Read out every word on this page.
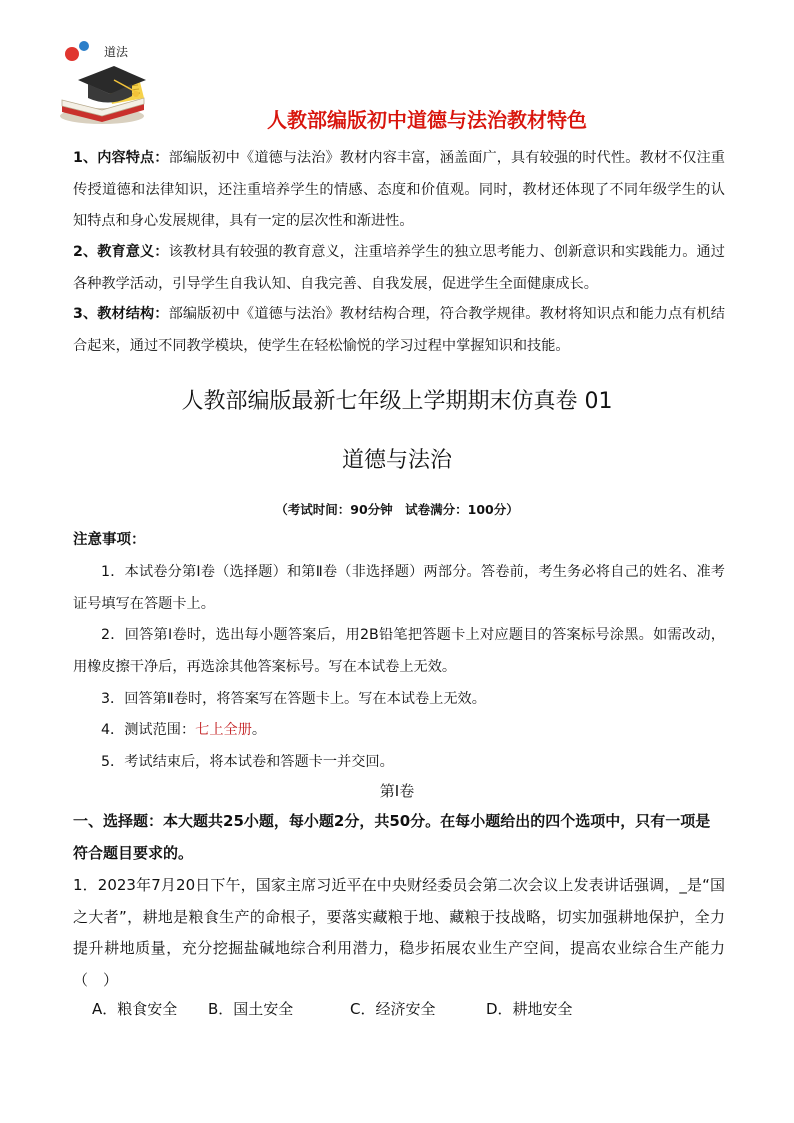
道法
人教部编版初中道德与法治教材特色
1、内容特点：部编版初中《道德与法治》教材内容丰富，涵盖面广，具有较强的时代性。教材不仅注重传授道德和法律知识，还注重培养学生的情感、态度和价值观。同时，教材还体现了不同年级学生的认知特点和身心发展规律，具有一定的层次性和渐进性。
2、教育意义：该教材具有较强的教育意义，注重培养学生的独立思考能力、创新意识和实践能力。通过各种教学活动，引导学生自我认知、自我完善、自我发展，促进学生全面健康成长。
3、教材结构：部编版初中《道德与法治》教材结构合理，符合教学规律。教材将知识点和能力点有机结合起来，通过不同教学模块，使学生在轻松愉悦的学习过程中掌握知识和技能。
人教部编版最新七年级上学期期末仿真卷 01
道德与法治
（考试时间：90分钟　试卷满分：100分）
注意事项：
1．本试卷分第Ⅰ卷（选择题）和第Ⅱ卷（非选择题）两部分。答卷前，考生务必将自己的姓名、准考证号填写在答题卡上。
2．回答第Ⅰ卷时，选出每小题答案后，用2B铅笔把答题卡上对应题目的答案标号涂黑。如需改动，用橡皮擦干净后，再选涂其他答案标号。写在本试卷上无效。
3．回答第Ⅱ卷时，将答案写在答题卡上。写在本试卷上无效。
4．测试范围：七上全册。
5．考试结束后，将本试卷和答题卡一并交回。
第Ⅰ卷
一、选择题：本大题共25小题，每小题2分，共50分。在每小题给出的四个选项中，只有一项是符合题目要求的。
1．2023年7月20日下午，国家主席习近平在中央财经委员会第二次会议上发表讲话强调，_是“国之大者”，耕地是粮食生产的命根子，要落实藏粮于地、藏粮于技战略，切实加强耕地保护，全力提升耕地质量，充分挖掘盐碱地综合利用潜力，稳步拓展农业生产空间，提高农业综合生产能力（　）
A．粮食安全	B．国土安全	C．经济安全	D．耕地安全
